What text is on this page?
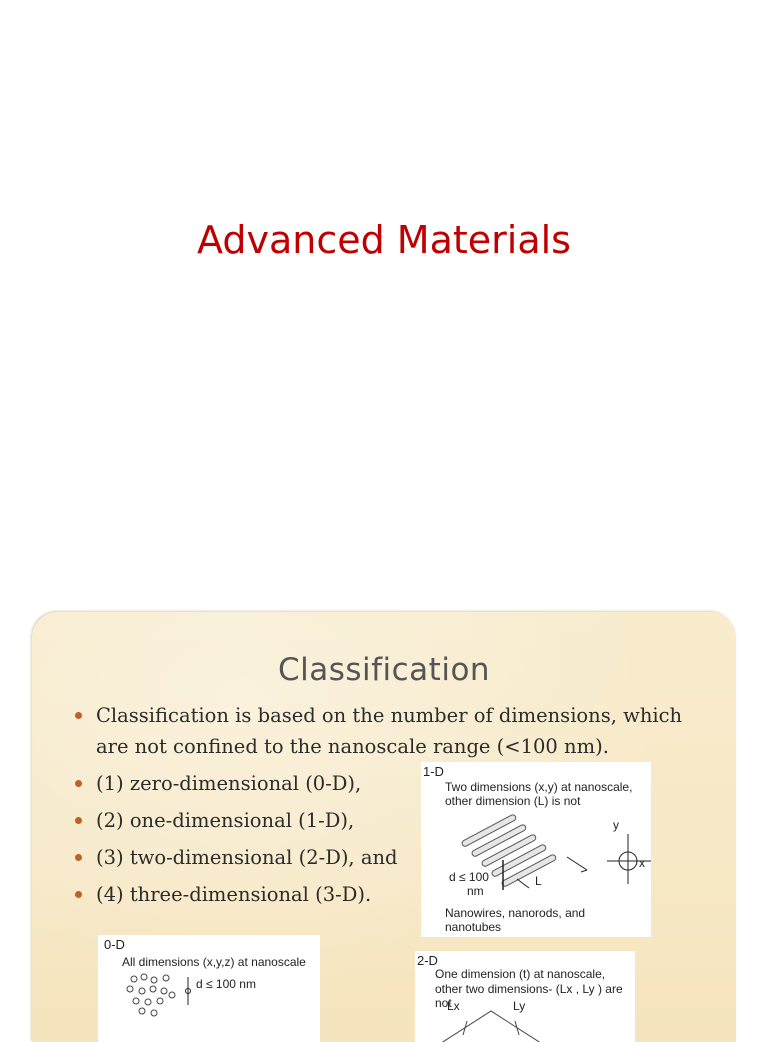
Advanced Materials
Classification
Classification is based on the number of dimensions, which are not confined to the nanoscale range (<100 nm).
(1) zero-dimensional (0-D),
(2) one-dimensional (1-D),
(3) two-dimensional (2-D), and
(4) three-dimensional (3-D).
1-D
Two dimensions (x,y) at nanoscale,
other dimension (L) is not
d ≤ 100
nm
L
y
x
Nanowires, nanorods, and
nanotubes
0-D
All dimensions (x,y,z) at nanoscale
d ≤ 100 nm
2-D
One dimension (t) at nanoscale,
other two dimensions- (Lx , Ly ) are not
Lx	Ly
